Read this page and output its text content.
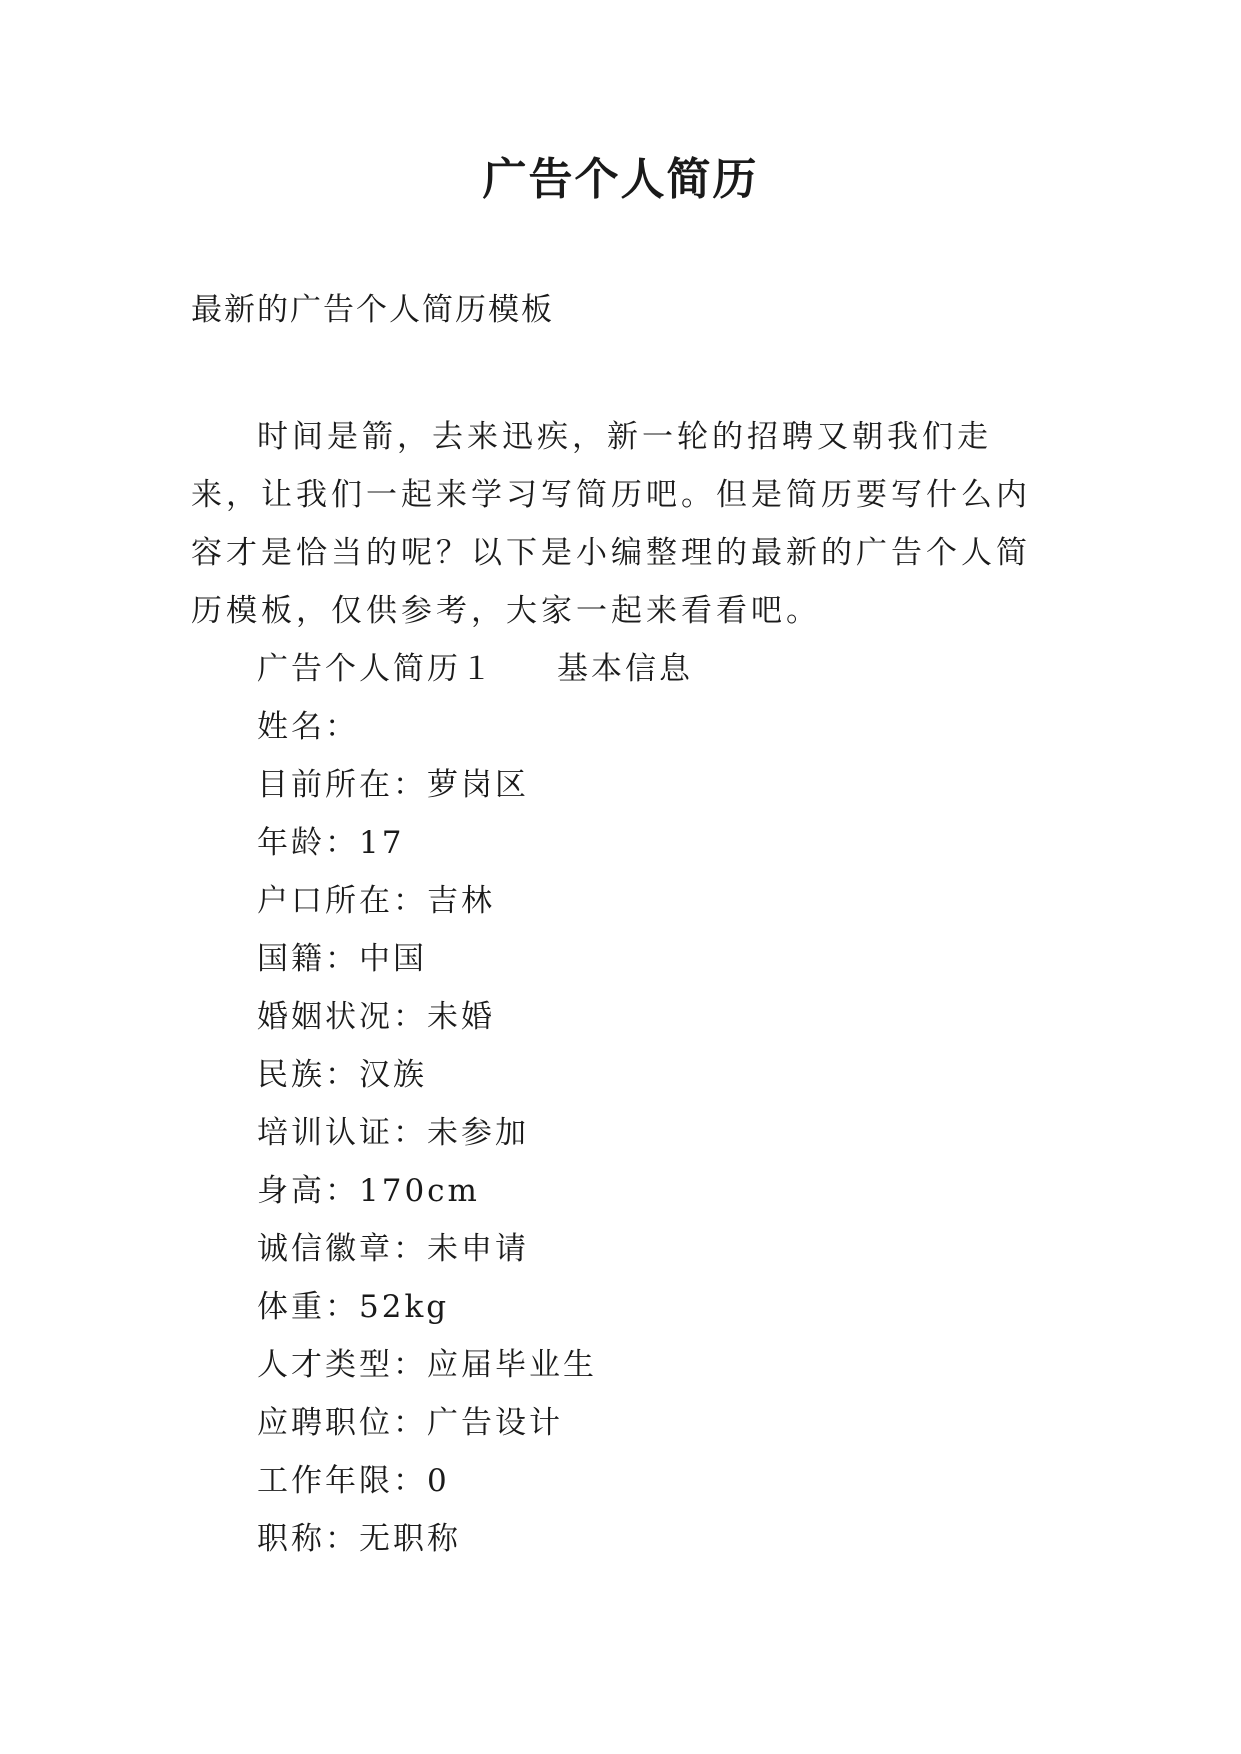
广告个人简历

最新的广告个人简历模板

时间是箭，去来迅疾，新一轮的招聘又朝我们走来，让我们一起来学习写简历吧。但是简历要写什么内容才是恰当的呢？以下是小编整理的最新的广告个人简历模板，仅供参考，大家一起来看看吧。

广告个人简历１ 基本信息
姓名：
目前所在：萝岗区
年龄：17
户口所在：吉林
国籍：中国
婚姻状况：未婚
民族：汉族
培训认证：未参加
身高：170cm
诚信徽章：未申请
体重：52kg
人才类型：应届毕业生
应聘职位：广告设计
工作年限：0
职称：无职称
